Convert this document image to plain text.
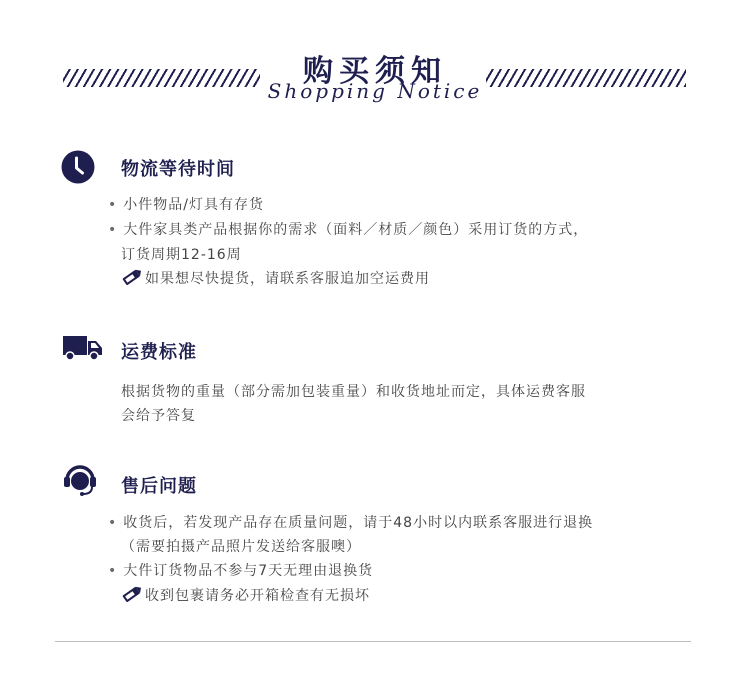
购买须知
Shopping Notice
物流等待时间
• 小件物品/灯具有存货
• 大件家具类产品根据你的需求（面料／材质／颜色）采用订货的方式，
订货周期12-16周
如果想尽快提货，请联系客服追加空运费用
运费标准
根据货物的重量（部分需加包装重量）和收货地址而定，具体运费客服
会给予答复
售后问题
• 收货后，若发现产品存在质量问题，请于48小时以内联系客服进行退换
（需要拍摄产品照片发送给客服噢）
• 大件订货物品不参与7天无理由退换货
收到包裹请务必开箱检查有无损坏
